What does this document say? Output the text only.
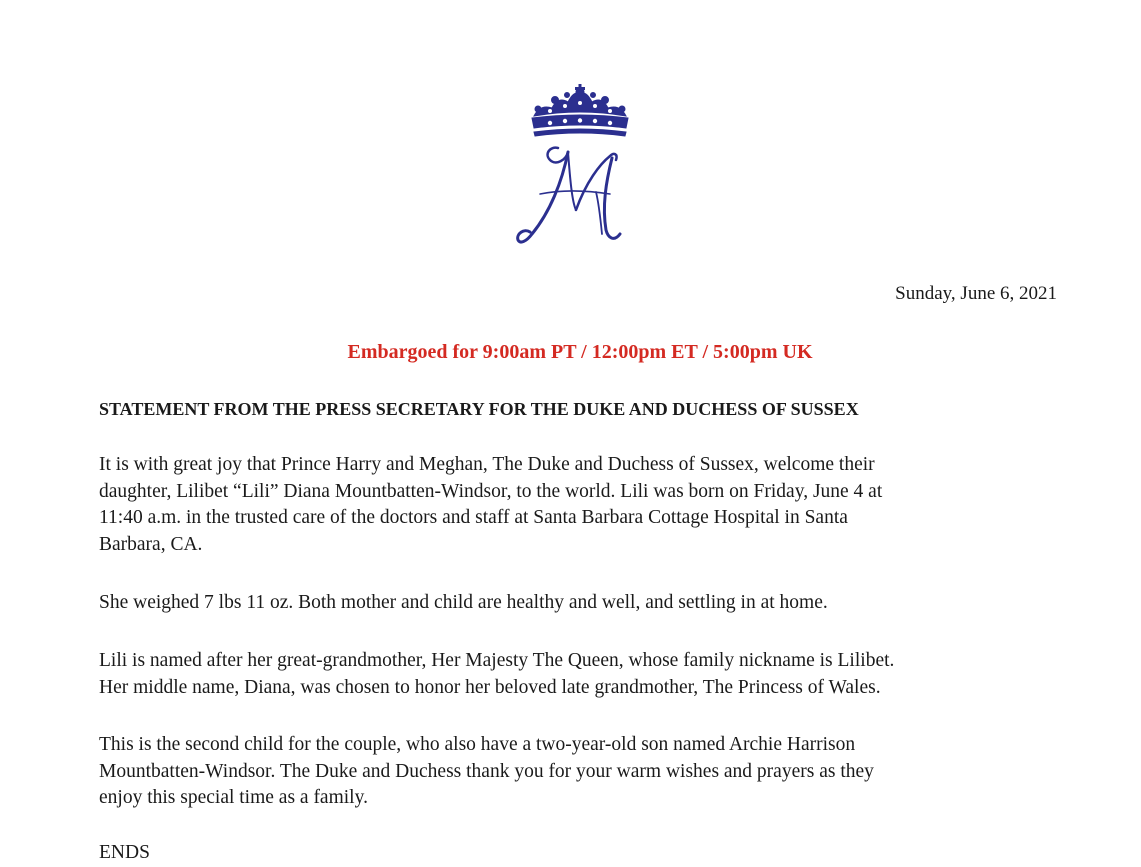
Sunday, June 6, 2021
Embargoed for 9:00am PT / 12:00pm ET / 5:00pm UK
STATEMENT FROM THE PRESS SECRETARY FOR THE DUKE AND DUCHESS OF SUSSEX

It is with great joy that Prince Harry and Meghan, The Duke and Duchess of Sussex, welcome their
daughter, Lilibet “Lili” Diana Mountbatten-Windsor, to the world. Lili was born on Friday, June 4 at
11:40 a.m. in the trusted care of the doctors and staff at Santa Barbara Cottage Hospital in Santa
Barbara, CA.

She weighed 7 lbs 11 oz. Both mother and child are healthy and well, and settling in at home.

Lili is named after her great-grandmother, Her Majesty The Queen, whose family nickname is Lilibet.
Her middle name, Diana, was chosen to honor her beloved late grandmother, The Princess of Wales.

This is the second child for the couple, who also have a two-year-old son named Archie Harrison
Mountbatten-Windsor. The Duke and Duchess thank you for your warm wishes and prayers as they
enjoy this special time as a family.

ENDS
